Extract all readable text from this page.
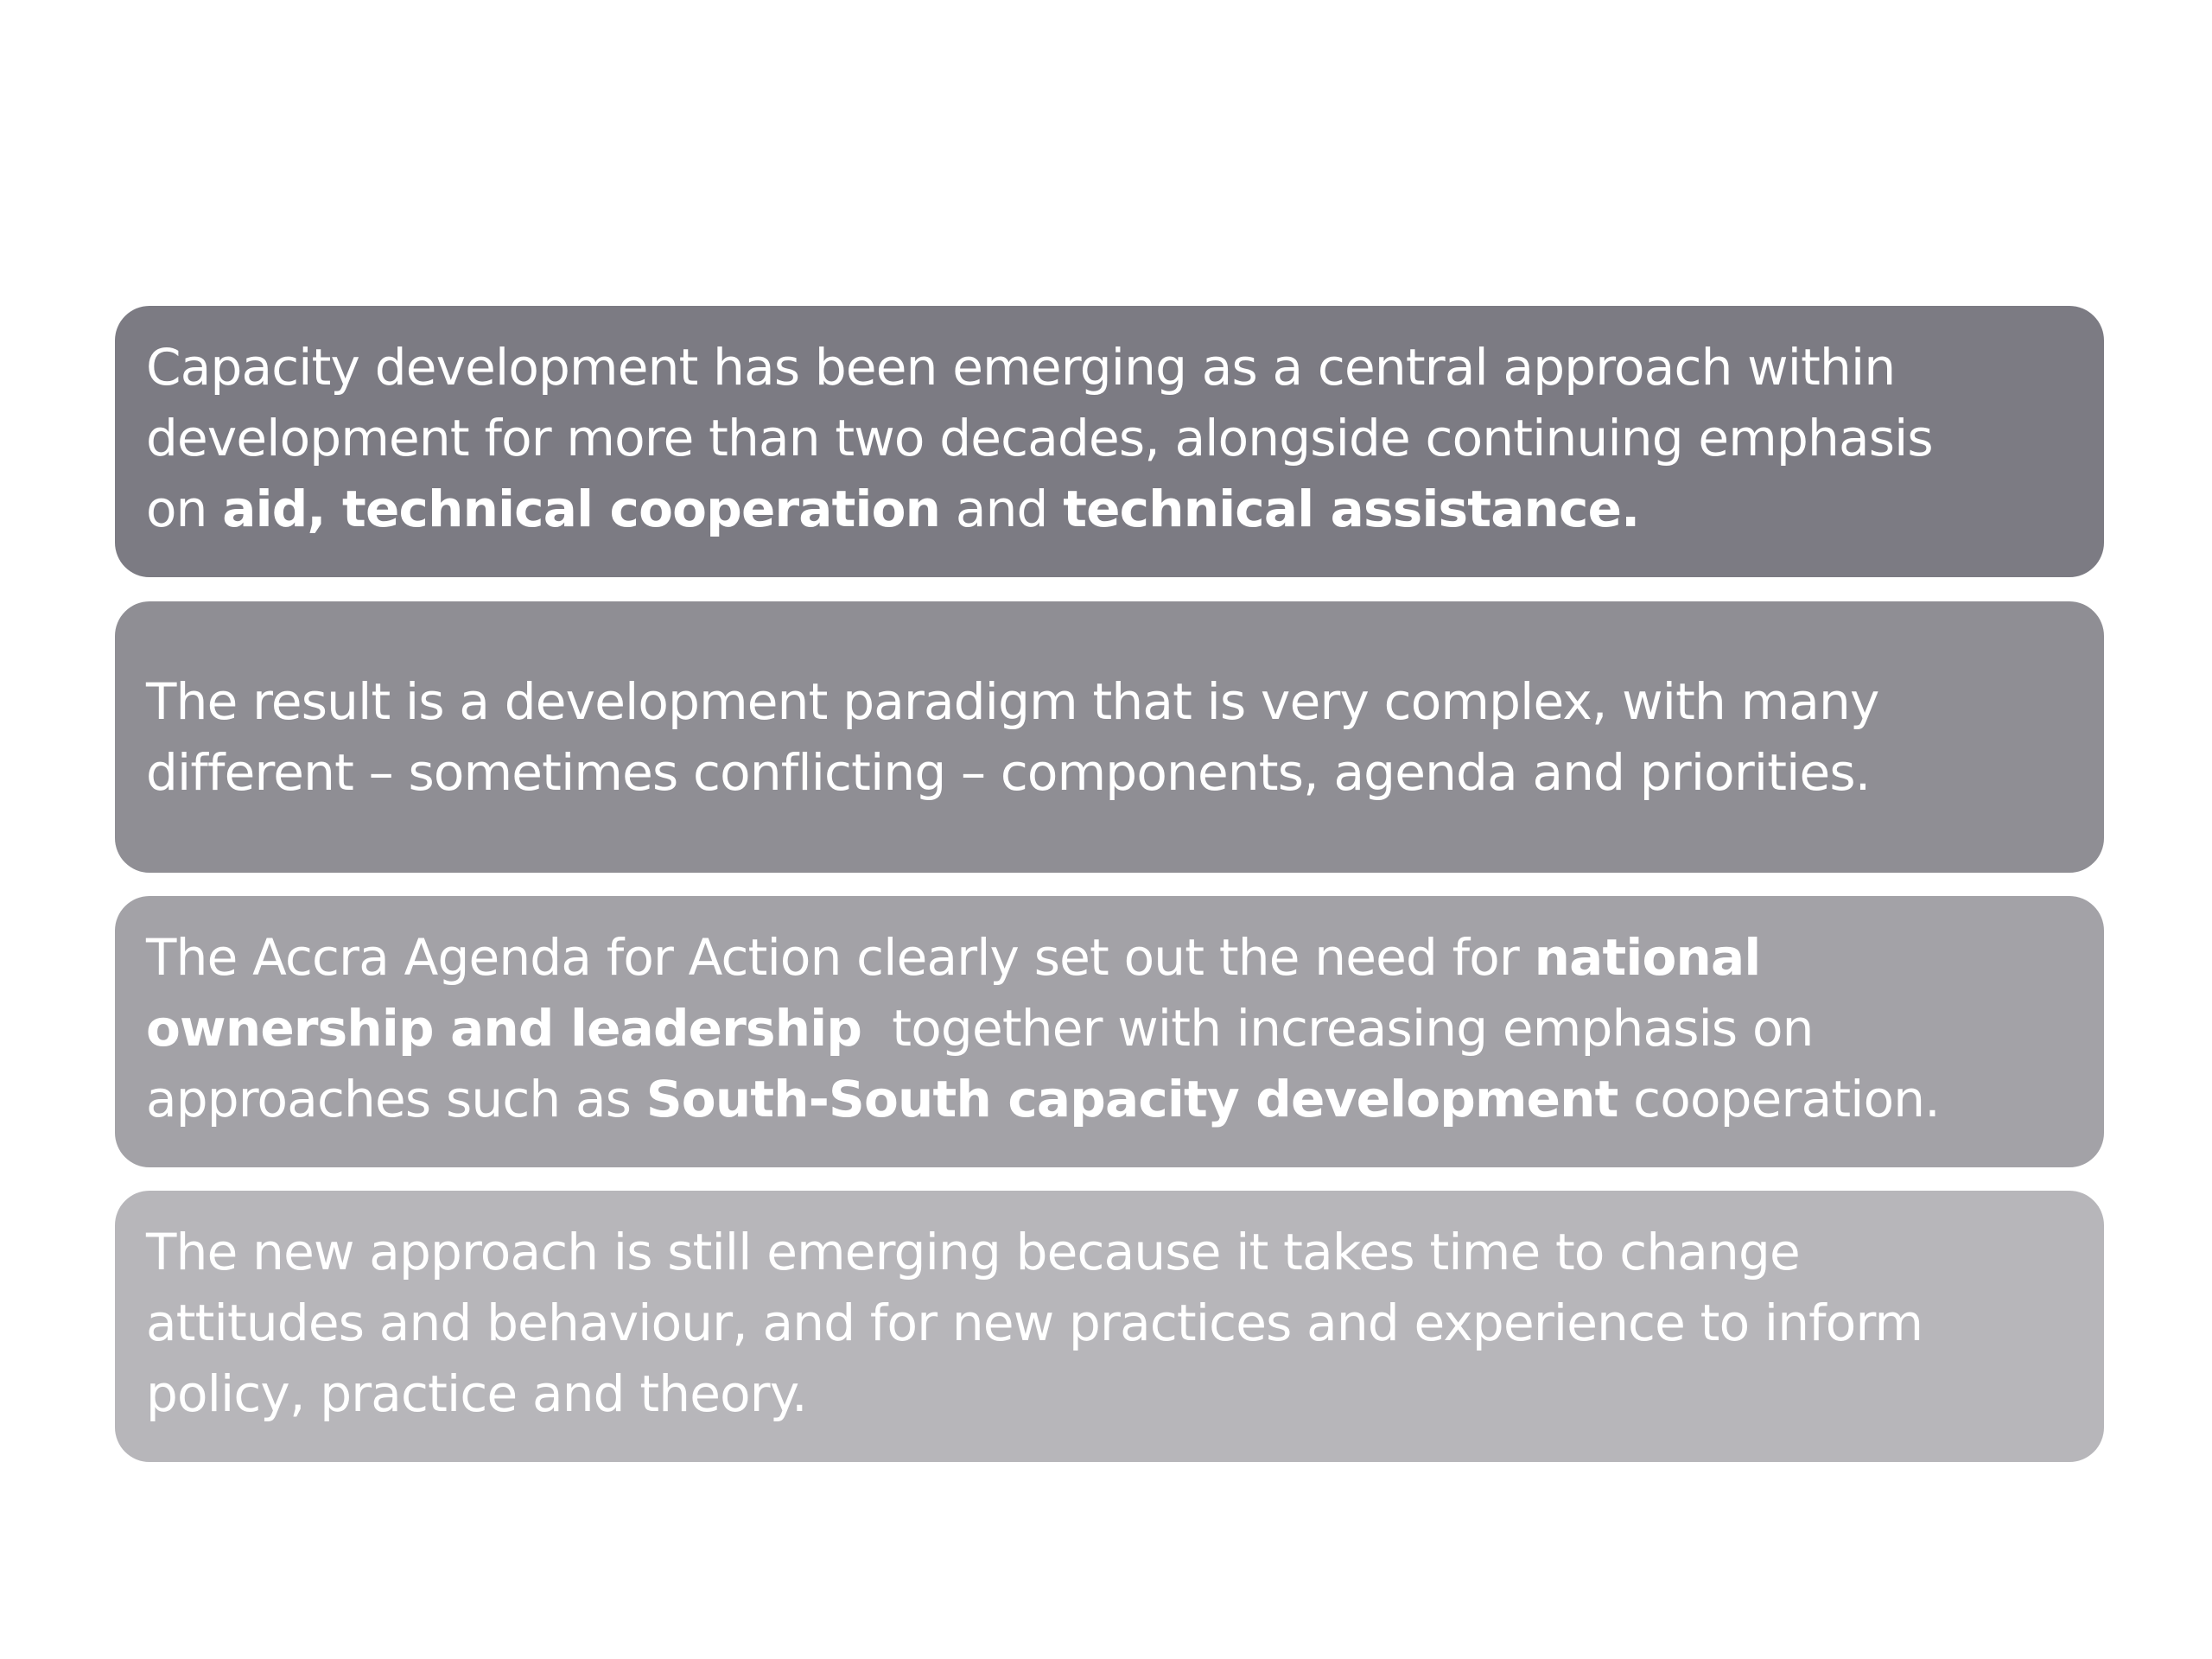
Capacity development has been emerging as a central approach within
development for more than two decades, alongside continuing emphasis
on aid, technical cooperation and technical assistance.
The result is a development paradigm that is very complex, with many
different – sometimes conflicting – components, agenda and priorities.
The Accra Agenda for Action clearly set out the need for national
ownership and leadership  together with increasing emphasis on
approaches such as South-South capacity development cooperation.
The new approach is still emerging because it takes time to change
attitudes and behaviour, and for new practices and experience to inform
policy, practice and theory.
